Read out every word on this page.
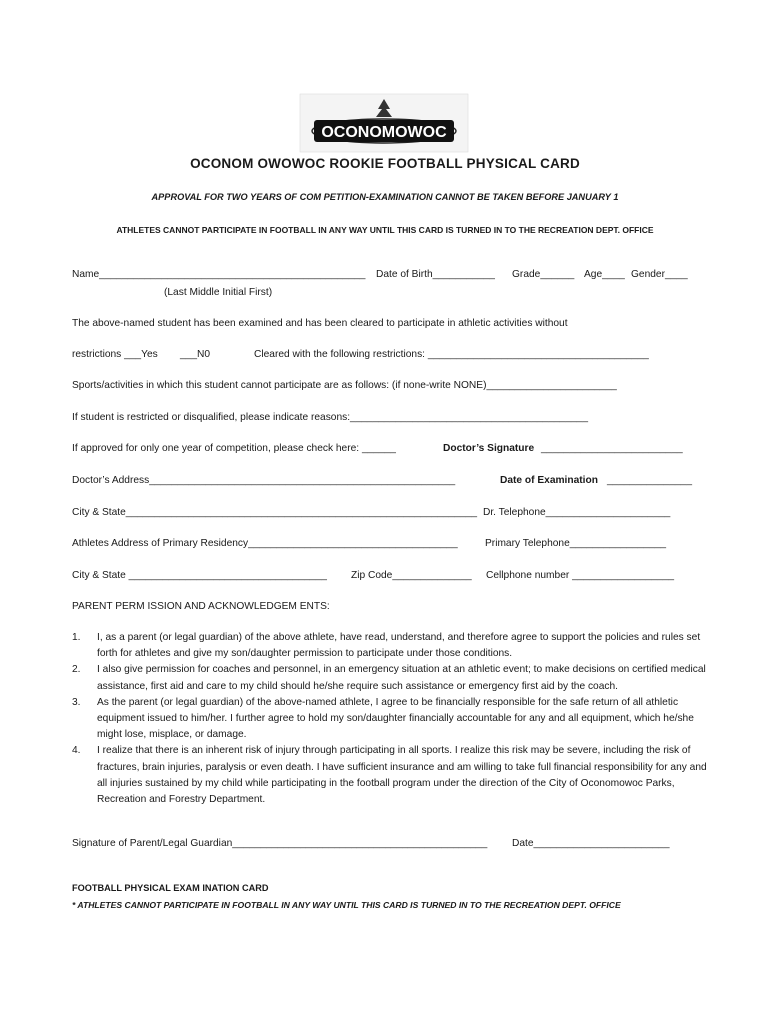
OCONOMOWOC
OCONOM OWOWOC ROOKIE FOOTBALL PHYSICAL CARD
APPROVAL FOR TWO YEARS OF COM PETITION-EXAMINATION CANNOT BE TAKEN BEFORE JANUARY 1
ATHLETES CANNOT PARTICIPATE IN FOOTBALL IN ANY WAY UNTIL THIS CARD IS TURNED IN TO THE RECREATION DEPT. OFFICE
Name_______________________________________________ Date of Birth___________ Grade______ Age____ Gender____
(Last Middle Initial First)
The above-named student has been examined and has been cleared to participate in athletic activities without
restrictions ___Yes ___N0	Cleared with the following restrictions: _______________________________________
Sports/activities in which this student cannot participate are as follows: (if none-write NONE)_______________________
If student is restricted or disqualified, please indicate reasons:__________________________________________
If approved for only one year of competition, please check here: ______	Doctor’s Signature _________________________
Doctor’s Address______________________________________________________	Date of Examination _______________
City & State______________________________________________________________ Dr. Telephone______________________
Athletes Address of Primary Residency_____________________________________	Primary Telephone_________________
City & State ___________________________________ Zip Code______________ Cellphone number __________________
PARENT PERM ISSION AND ACKNOWLEDGEM ENTS:
1. I, as a parent (or legal guardian) of the above athlete, have read, understand, and therefore agree to support the policies and rules set forth for athletes and give my son/daughter permission to participate under those conditions.
2. I also give permission for coaches and personnel, in an emergency situation at an athletic event; to make decisions on certified medical assistance, first aid and care to my child should he/she require such assistance or emergency first aid by the coach.
3. As the parent (or legal guardian) of the above-named athlete, I agree to be financially responsible for the safe return of all athletic equipment issued to him/her. I further agree to hold my son/daughter financially accountable for any and all equipment, which he/she might lose, misplace, or damage.
4. I realize that there is an inherent risk of injury through participating in all sports. I realize this risk may be severe, including the risk of fractures, brain injuries, paralysis or even death. I have sufficient insurance and am willing to take full financial responsibility for any and all injuries sustained by my child while participating in the football program under the direction of the City of Oconomowoc Parks, Recreation and Forestry Department.
Signature of Parent/Legal Guardian_____________________________________________ Date________________________
FOOTBALL PHYSICAL EXAM INATION CARD
* ATHLETES CANNOT PARTICIPATE IN FOOTBALL IN ANY WAY UNTIL THIS CARD IS TURNED IN TO THE RECREATION DEPT. OFFICE
